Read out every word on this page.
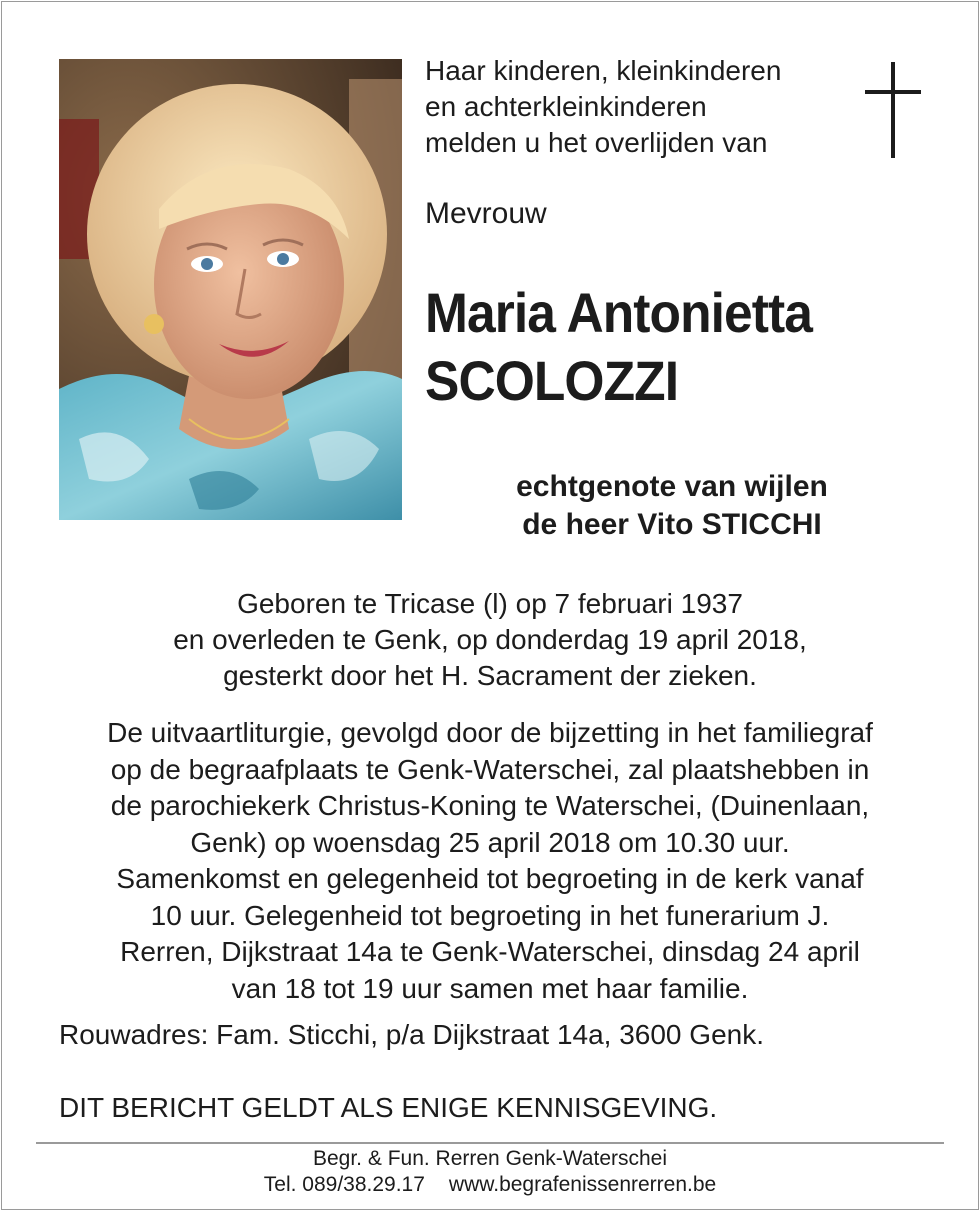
Haar kinderen, kleinkinderen
en achterkleinkinderen
melden u het overlijden van
Mevrouw
Maria Antonietta
SCOLOZZI
echtgenote van wijlen
de heer Vito STICCHI
Geboren te Tricase (l) op 7 februari 1937
en overleden te Genk, op donderdag 19 april 2018,
gesterkt door het H. Sacrament der zieken.
De uitvaartliturgie, gevolgd door de bijzetting in het familiegraf
op de begraafplaats te Genk-Waterschei, zal plaatshebben in
de parochiekerk Christus-Koning te Waterschei, (Duinenlaan,
Genk) op woensdag 25 april 2018 om 10.30 uur.
Samenkomst en gelegenheid tot begroeting in de kerk vanaf
10 uur. Gelegenheid tot begroeting in het funerarium J.
Rerren, Dijkstraat 14a te Genk-Waterschei, dinsdag 24 april
van 18 tot 19 uur samen met haar familie.
Rouwadres: Fam. Sticchi, p/a Dijkstraat 14a, 3600 Genk.
DIT BERICHT GELDT ALS ENIGE KENNISGEVING.
Begr. & Fun. Rerren Genk-Waterschei
Tel. 089/38.29.17 www.begrafenissenrerren.be
